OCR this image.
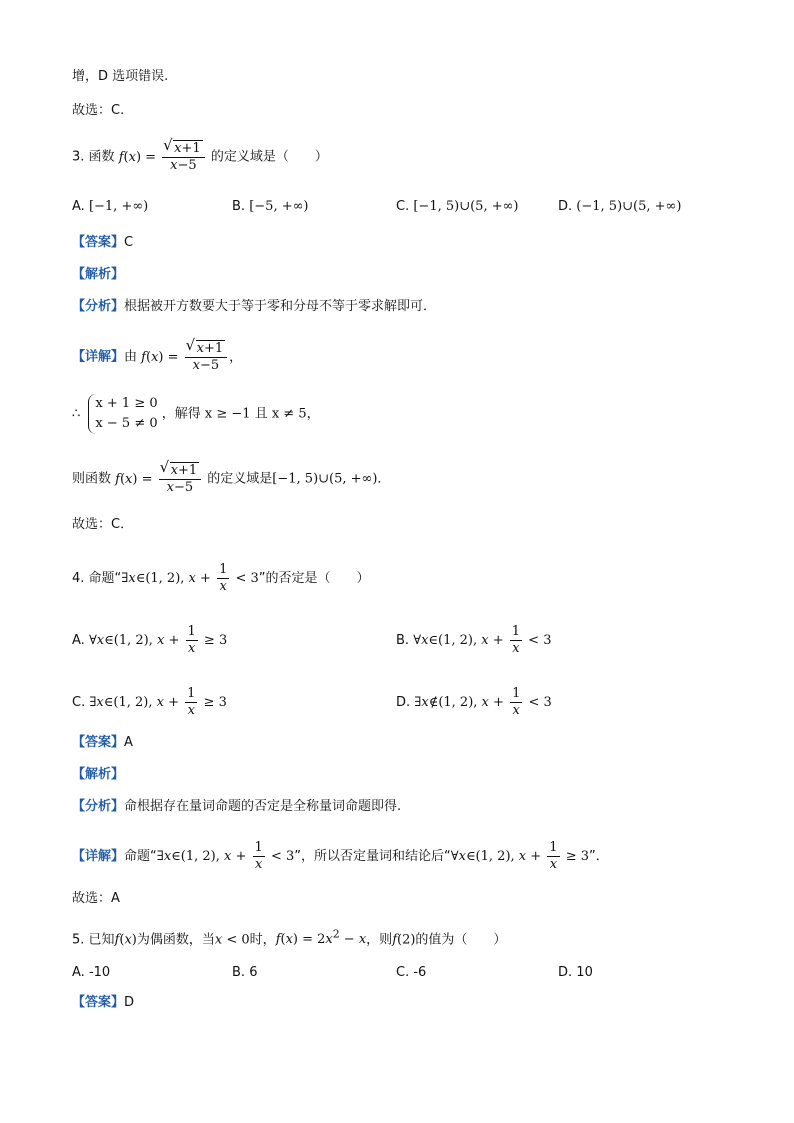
增，D 选项错误.
故选：C.
3. 函数 f(x) = √ $\frac{x+1}{x-5}$ 的定义域是（　　）
A. [−1, +∞)	B. [−5, +∞)	C. [−1, 5)∪(5, +∞)	D. (−1, 5)∪(5, +∞)
【答案】C
【解析】
【分析】根据被开方数要大于等于零和分母不等于零求解即可．
【详解】由 f(x) = √ $\frac{x+1}{x-5}$ ，
∴
x + 1 ≥ 0
x − 5 ≠ 0
，解得 x ≥ −1 且 x ≠ 5，
则函数 f(x) = √ $\frac{x+1}{x-5}$ 的定义域是[−1, 5)∪(5, +∞)．
故选：C．
4. 命题“∃x∈(1, 2), $x + \frac{1}{x} < 3$”的否定是（　　）
A. ∀x∈(1, 2), $x + \frac{1}{x} \ge 3$	B. ∀x∈(1, 2), $x + \frac{1}{x} < 3$
C. ∃x∈(1, 2), $x + \frac{1}{x} \ge 3$	D. ∃x∉(1, 2), $x + \frac{1}{x} < 3$
【答案】A
【解析】
【分析】命根据存在量词命题的否定是全称量词命题即得.
【详解】命题“∃x∈(1, 2), $x + \frac{1}{x} < 3$”，所以否定量词和结论后“∀x∈(1, 2), $x + \frac{1}{x} \ge 3$”．
故选：A
5. 已知f(x)为偶函数，当x < 0时，$f(x) = 2x^2 - x$，则f(2)的值为（　　）
A. -10	B. 6	C. -6	D. 10
【答案】D
